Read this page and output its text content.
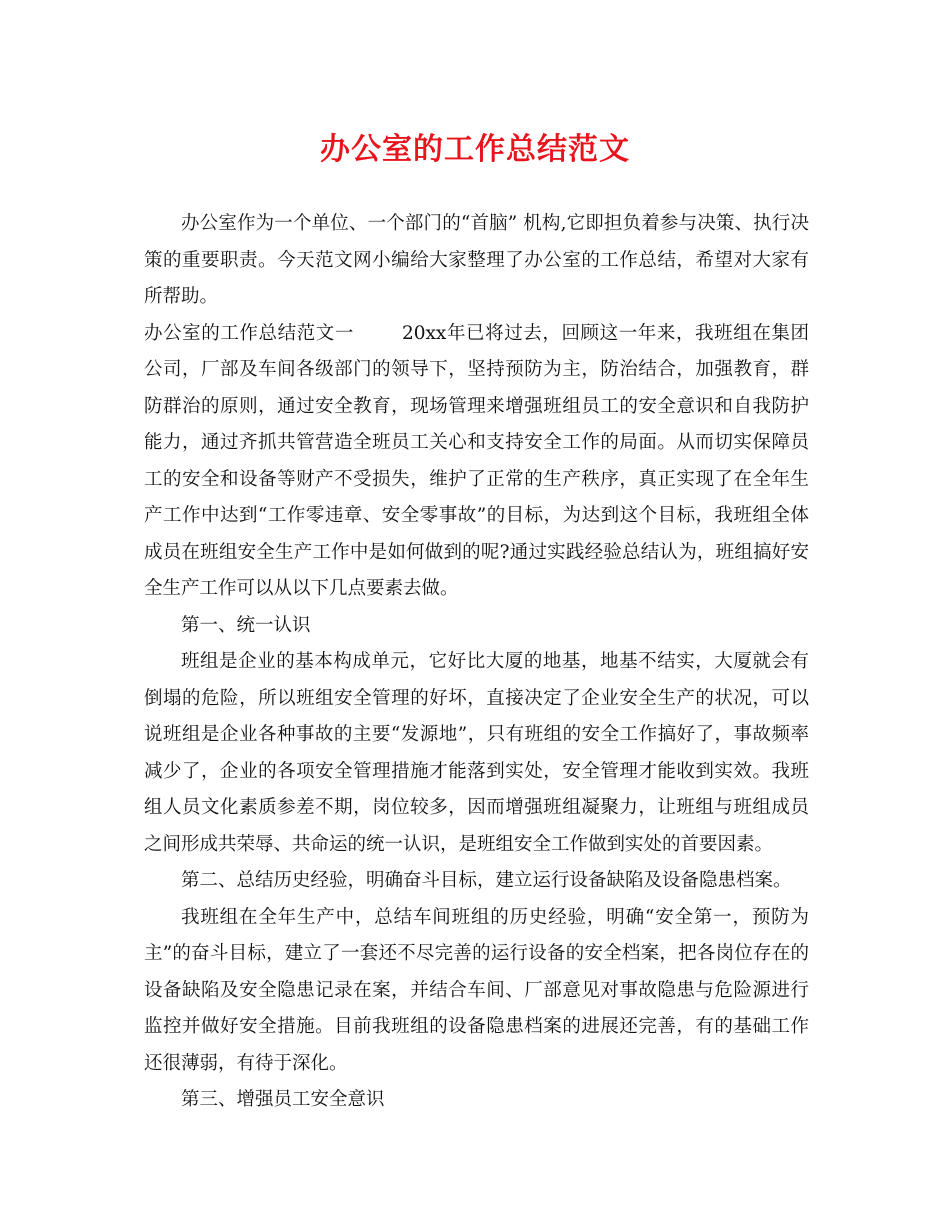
办公室的工作总结范文

办公室作为一个单位、一个部门的“首脑” 机构,它即担负着参与决策、执行决策的重要职责。今天范文网小编给大家整理了办公室的工作总结，希望对大家有所帮助。

办公室的工作总结范文一	20xx年已将过去，回顾这一年来，我班组在集团公司，厂部及车间各级部门的领导下，坚持预防为主，防治结合，加强教育，群防群治的原则，通过安全教育，现场管理来增强班组员工的安全意识和自我防护能力，通过齐抓共管营造全班员工关心和支持安全工作的局面。从而切实保障员工的安全和设备等财产不受损失，维护了正常的生产秩序，真正实现了在全年生产工作中达到“工作零违章、安全零事故”的目标，为达到这个目标，我班组全体成员在班组安全生产工作中是如何做到的呢?通过实践经验总结认为，班组搞好安全生产工作可以从以下几点要素去做。

第一、统一认识

班组是企业的基本构成单元，它好比大厦的地基，地基不结实，大厦就会有倒塌的危险，所以班组安全管理的好坏，直接决定了企业安全生产的状况，可以说班组是企业各种事故的主要“发源地”，只有班组的安全工作搞好了，事故频率减少了，企业的各项安全管理措施才能落到实处，安全管理才能收到实效。我班组人员文化素质参差不期，岗位较多，因而增强班组凝聚力，让班组与班组成员之间形成共荣辱、共命运的统一认识，是班组安全工作做到实处的首要因素。

第二、总结历史经验，明确奋斗目标，建立运行设备缺陷及设备隐患档案。

我班组在全年生产中，总结车间班组的历史经验，明确“安全第一，预防为主”的奋斗目标，建立了一套还不尽完善的运行设备的安全档案，把各岗位存在的设备缺陷及安全隐患记录在案，并结合车间、厂部意见对事故隐患与危险源进行监控并做好安全措施。目前我班组的设备隐患档案的进展还完善，有的基础工作还很薄弱，有待于深化。

第三、增强员工安全意识
